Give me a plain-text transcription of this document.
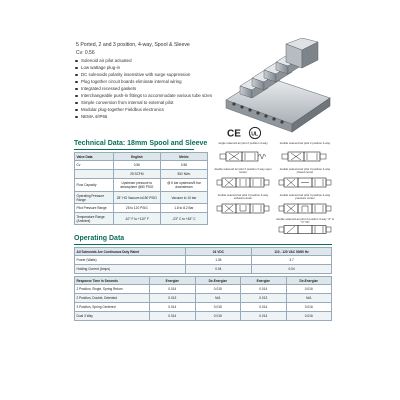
5 Ported, 2 and 3 position, 4-way, Spool & Sleeve
Cv: 0.56
Solenoid air pilot actuated
Low wattage plug-in
DC solenoids polarity insensitive with surge suppression
Plug together circuit boards eliminate internal wiring
Integrated recessed gaskets
Interchangeable push-in fittings to accommodate various tube sizes
Simple conversion from internal to external pilot
Modular plug-together Fieldbus electronics
NEMA 4/IP65
CE UL
Technical Data: 18mm Spool and Sleeve
Valve Data	English	Metric
Cv	0.56	0.56
	25 SCFM	552 Nl/m
Flow Capacity	Upstream pressure to atmosphere @80 PSIG	@ 6 bar upstream/5 bar downstream
Operating Pressure Range	28" HG Vacuum to150 PSIG	Vacuum to 10 bar
Pilot Pressure Range	25 to 120 PSIG	1.8 to 8.2 Bar
Temperature Range (Ambient)	-10° F to +110° F	-23° C to +45° C
single solenoid air pilot 2 position 4-way	double solenoid air pilot 2 position 4-way
double solenoid air pilot 3 position 4 way open center
double solenoid air pilot 3 position 4-way closed center
double solenoid air pilot 3 position 4-way exhaust center
double solenoid air pilot 3 position 4-way pressure center
double solenoid air pilot 2 position 3-way "A" & "C" NC
Operating Data
All Solenoids Are Continuous Duty Rated	24 VDC	110 - 120 VAC 50/60 Hz
Power (Watts)	1.35	3.7
Holding Current (Amps)	0.04	0.04
Response Time In Seconds	Energize	De-Energize	Energize	De-Energize
2 Position, Single, Spring Return	0.014	0.015	0.014	0.016
2 Position, Double, Detented	0.013	N/A	0.013	N/A
3 Position, Spring Centered	0.014	0.015	0.014	0.016
Dual 3 Way	0.014	0.015	0.014	0.016
